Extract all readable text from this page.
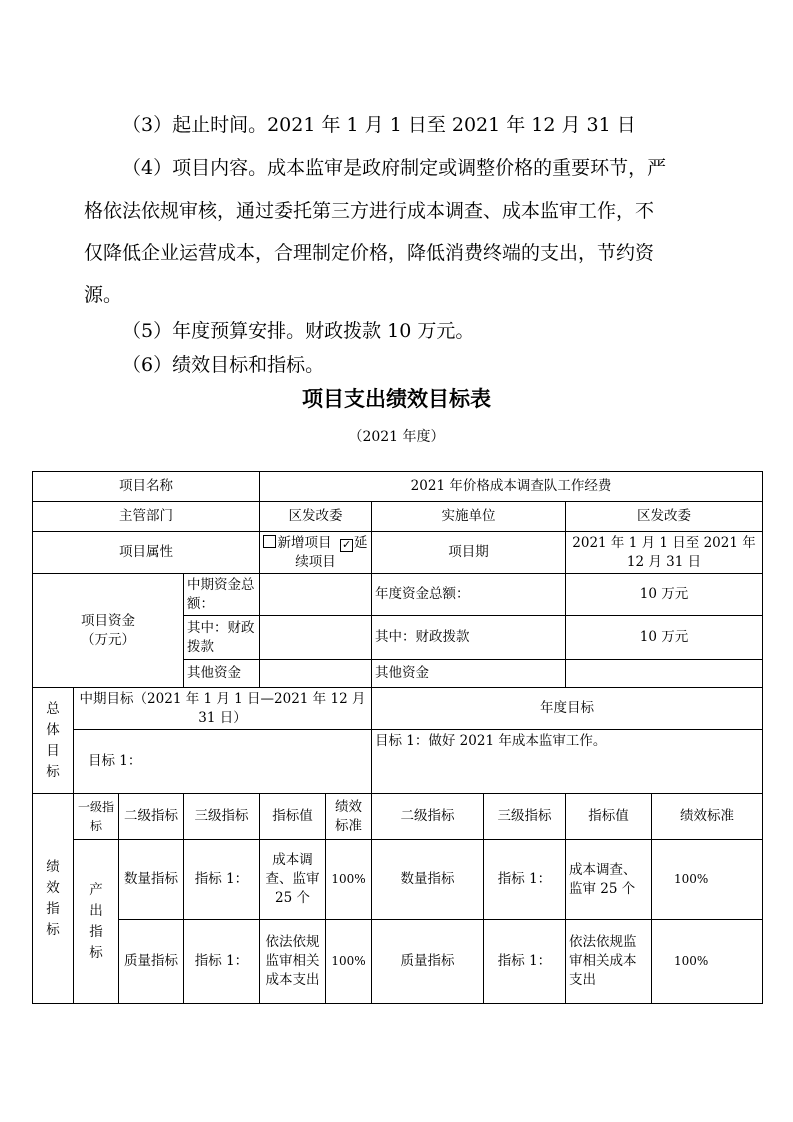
（3）起止时间。2021 年 1 月 1 日至 2021 年 12 月 31 日
（4）项目内容。成本监审是政府制定或调整价格的重要环节，严
格依法依规审核，通过委托第三方进行成本调查、成本监审工作，不
仅降低企业运营成本，合理制定价格，降低消费终端的支出，节约资
源。
（5）年度预算安排。财政拨款 10 万元。
（6）绩效目标和指标。
项目支出绩效目标表
（2021 年度）
项目名称				2021 年价格成本调查队工作经费					
主管部门				区发改委		实施单位		区发改委	
项目属性				新增项目 ✓ 延续项目		项目期		2021 年 1 月 1 日至 2021 年 12 月 31 日	

项目资金（万元）			中期资金总额：			年度资金总额：		10 万元	
			其中：财政拨款			其中：财政拨款		10 万元	
			其他资金			其他资金			

总体目标	中期目标（2021 年 1 月 1 日—2021 年 12 月 31 日）					年度目标			
	目标 1：					目标 1：做好 2021 年成本监审工作。			

绩效指标	一级指标	二级指标	三级指标	指标值	绩效标准	二级指标	三级指标	指标值	绩效标准

	产出指标	数量指标	指标 1：	成本调查、监审 25 个	100%	数量指标	指标 1：	成本调查、监审 25 个	100%
		质量指标	指标 1：	依法依规监审相关成本支出	100%	质量指标	指标 1：	依法依规监审相关成本支出	100%
